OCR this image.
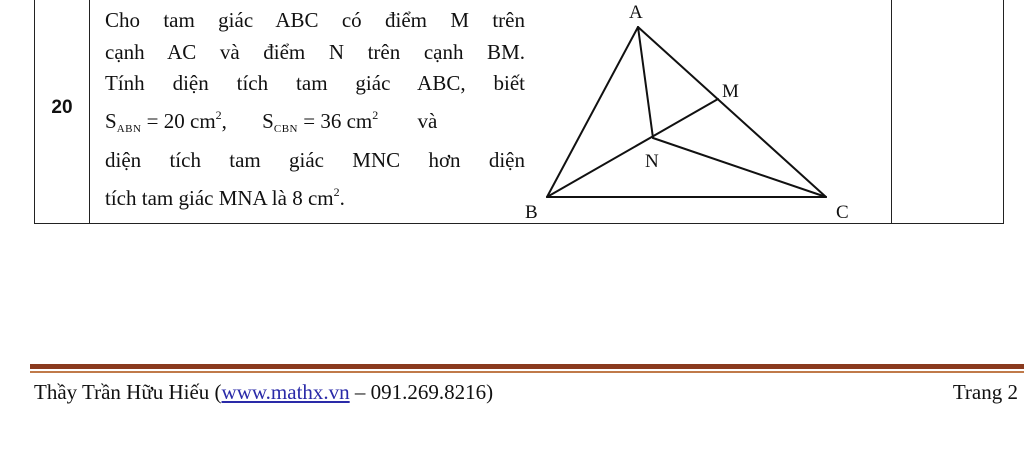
20
Cho tam giác ABC có điểm M trên
cạnh AC và điểm N trên cạnh BM.
Tính diện tích tam giác ABC, biết
$S_{ABN} = 20$ $cm^2$, $S_{CBN} = 36$ $cm^2$ và
diện tích tam giác MNC hơn diện
tích tam giác MNA là 8 $cm^2$.
A
B	C
M
N
Thầy Trần Hữu Hiếu (www.mathx.vn – 091.269.8216)	Trang 2
